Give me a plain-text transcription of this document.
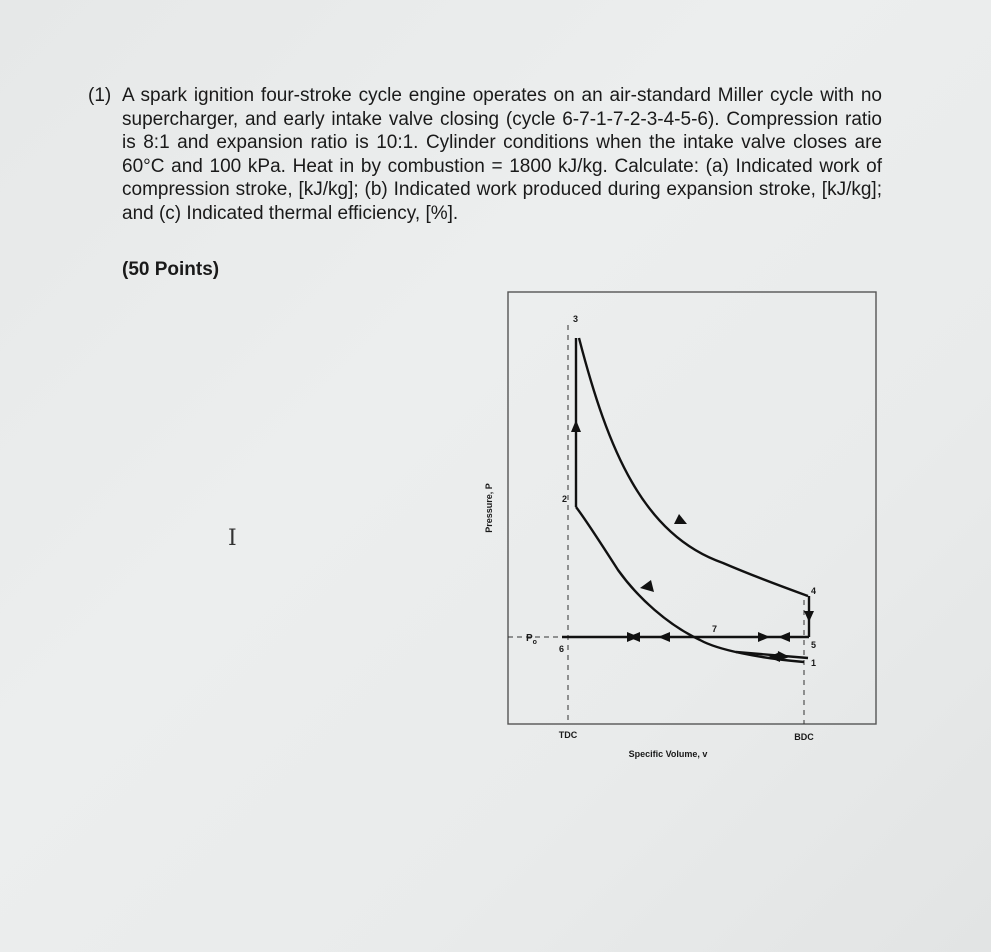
(1) A spark ignition four-stroke cycle engine operates on an air-standard Miller cycle with no supercharger, and early intake valve closing (cycle 6-7-1-7-2-3-4-5-6). Compression ratio is 8:1 and expansion ratio is 10:1. Cylinder conditions when the intake valve closes are 60°C and 100 kPa. Heat in by combustion = 1800 kJ/kg. Calculate: (a) Indicated work of compression stroke, [kJ/kg]; (b) Indicated work produced during expansion stroke, [kJ/kg]; and (c) Indicated thermal efficiency, [%].
(50 Points)
I
3
2
4
5
1
6
7
$P_o$
Pressure, P
TDC	BDC
Specific Volume, v
